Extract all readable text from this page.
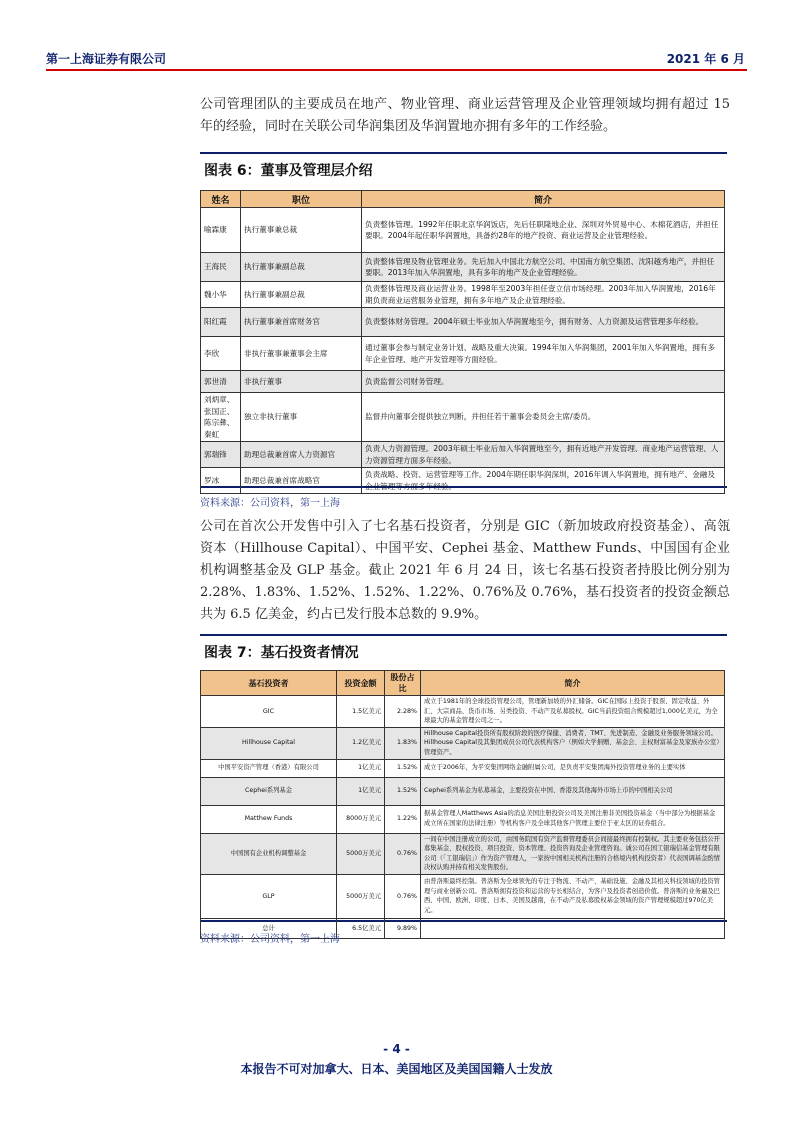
第一上海证券有限公司	2021 年 6 月
公司管理团队的主要成员在地产、物业管理、商业运营管理及企业管理领域均拥有超过 15 年的经验，同时在关联公司华润集团及华润置地亦拥有多年的工作经验。
图表 6：董事及管理层介绍
姓名	职位	简介
喻霖康	执行董事兼总裁	负责整体管理。1992年任职北京华润饭店，先后任职隆地企业、深圳对外贸易中心、木棉花酒店，并担任要职。2004年起任职华润置地，具备约28年的地产投资、商业运营及企业管理经验。
王海民	执行董事兼副总裁	负责整体管理及物业管理业务。先后加入中国北方航空公司、中国南方航空集团、沈阳越秀地产，并担任要职。2013年加入华润置地，具有多年的地产及企业管理经验。
魏小华	执行董事兼副总裁	负责整体管理及商业运营业务。1998年至2003年担任壹立信市场经理。2003年加入华润置地，2016年期负责商业运营服务业管理，拥有多年地产及企业管理经验。
阳红霞	执行董事兼首席财务官	负责整体财务管理。2004年硕士毕业加入华润置地至今，拥有财务、人力资源及运营管理多年经验。
李欣	非执行董事兼董事会主席	通过董事会参与制定业务计划、战略及重大决策。1994年加入华润集团，2001年加入华润置地，拥有多年企业管理、地产开发管理等方面经验。
郭世清	非执行董事	负责监督公司财务管理。
刘炳章、张国正、陈宗彝、秦虹	独立非执行董事	监督并向董事会提供独立判断，并担任若干董事会委员会主席/委员。
郭瑞锋	助理总裁兼首席人力资源官	负责人力资源管理。2003年硕士毕业后加入华润置地至今，拥有近地产开发管理、商业地产运营管理、人力资源管理方面多年经验。
罗冰	助理总裁兼首席战略官	负责战略、投资、运营管理等工作。2004年期任职华润深圳，2016年调入华润置地，拥有地产、金融及企业管理等方面多年经验。
资料来源：公司资料，第一上海
公司在首次公开发售中引入了七名基石投资者，分别是 GIC（新加坡政府投资基金）、高瓴资本（Hillhouse Capital）、中国平安、Cephei 基金、Matthew Funds、中国国有企业机构调整基金及 GLP 基金。截止 2021 年 6 月 24 日，该七名基石投资者持股比例分别为 2.28%、1.83%、1.52%、1.52%、1.22%、0.76%及 0.76%，基石投资者的投资金额总共为 6.5 亿美金，约占已发行股本总数的 9.9%。
图表 7：基石投资者情况
基石投资者	投资金额	股份占比	简介
GIC	1.5亿美元	2.28%	成立于1981年的全球投资管理公司，管理新加坡的外汇储备。GIC在国际上投资于股票、固定收益、外汇、大宗商品、货币市场、另类投资、不动产及私募股权。GIC当前投资组合规模超过1,000亿美元，为全球最大的基金管理公司之一。
Hillhouse Capital	1.2亿美元	1.83%	Hillhouse Capital投资所有股权阶段的医疗保健、消费者、TMT、先进制造、金融及业务服务领域公司。Hillhouse Capital及其集团成员公司代表机构客户（例如大学捐赠、基金会、主权财富基金及家族办公室）管理资产。
中国平安资产管理（香港）有限公司	1亿美元	1.52%	成立于2006年，为平安集团网络金融附属公司，是负责平安集团海外投资管理业务的主要实体
Cephei系列基金	1亿美元	1.52%	Cephei系列基金为私募基金，主要投资在中国、香港及其他海外市场上市的中国相关公司
Matthew Funds	8000万美元	1.22%	据基金管理人Matthews Asia的消息美国注册投资公司及美国注册非美国投资基金（当中部分为根据基金成立所在国家的法律注册）等机构客户及全球其他客户管理主要位于亚太区的证券组合。
中国国有企业机构调整基金	5000万美元	0.76%	一间在中国注册成立的公司，由国务院国有资产监督管理委员会间接最终拥有控制权。其主要业务包括公开募集基金、股权投资、项目投资、资本管理、投资咨询及企业管理咨询。诚公司在国工银瑞信基金管理有限公司（「工银瑞信」）作为资产管理人，一家按中国相关机构注册的合格境内机构投资者）代表国调基金酌情决权认购并持有相关发售股份。
GLP	5000万美元	0.76%	由普洛斯最终控制。普洛斯为全球领先的专注于物流、不动产、基础设施、金融及其相关科技领域的投资管理与商业创新公司。普洛斯拥有投资和运营的专长相结合，为客户及投资者创造价值。普洛斯的业务遍及巴西、中国、欧洲、印度、日本、美国及越南，在不动产及私募股权基金领域的资产管理规模超过970亿美元。
总计	6.5亿美元	9.89%	
资料来源：公司资料，第一上海
- 4 -
本报告不可对加拿大、日本、美国地区及美国国籍人士发放
